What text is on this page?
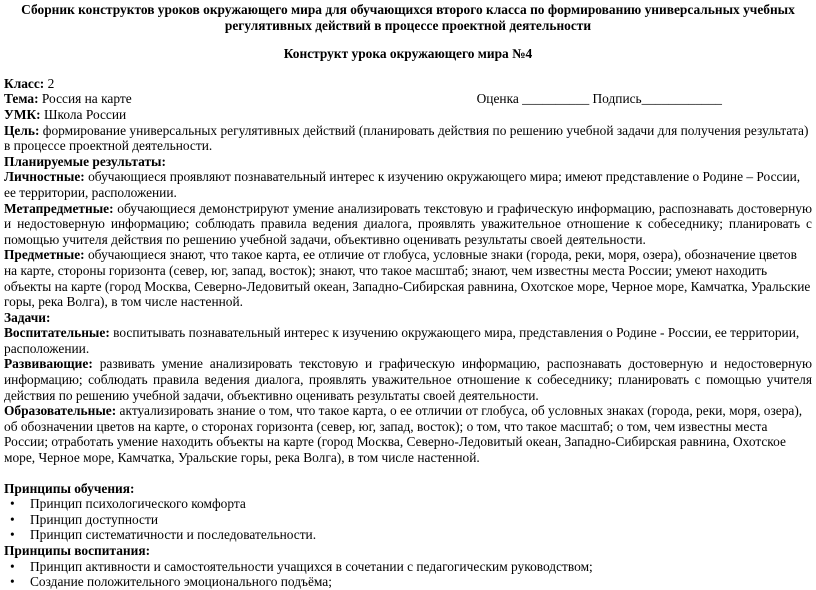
Сборник конструктов уроков окружающего мира для обучающихся второго класса по формированию универсальных учебных регулятивных действий в процессе проектной деятельности

Конструкт урока окружающего мира №4

Класс: 2

Тема: Россия на карте	Оценка __________ Подпись____________

УМК: Школа России

Цель: формирование универсальных регулятивных действий (планировать действия по решению учебной задачи для получения результата) в процессе проектной деятельности.

Планируемые результаты:

Личностные: обучающиеся проявляют познавательный интерес к изучению окружающего мира; имеют представление о Родине – России, ее территории, расположении.

Метапредметные: обучающиеся демонстрируют умение анализировать текстовую и графическую информацию, распознавать достоверную и недостоверную информацию; соблюдать правила ведения диалога, проявлять уважительное отношение к собеседнику; планировать с помощью учителя действия по решению учебной задачи, объективно оценивать результаты своей деятельности.

Предметные: обучающиеся знают, что такое карта, ее отличие от глобуса, условные знаки (города, реки, моря, озера), обозначение цветов на карте, стороны горизонта (север, юг, запад, восток); знают, что такое масштаб; знают, чем известны места России; умеют находить объекты на карте (город Москва, Северно-Ледовитый океан, Западно-Сибирская равнина, Охотское море, Черное море, Камчатка, Уральские горы, река Волга), в том числе настенной.

Задачи:

Воспитательные: воспитывать познавательный интерес к изучению окружающего мира, представления о Родине - России, ее территории, расположении.

Развивающие: развивать умение анализировать текстовую и графическую информацию, распознавать достоверную и недостоверную информацию; соблюдать правила ведения диалога, проявлять уважительное отношение к собеседнику; планировать с помощью учителя действия по решению учебной задачи, объективно оценивать результаты своей деятельности.

Образовательные: актуализировать знание о том, что такое карта, о ее отличии от глобуса, об условных знаках (города, реки, моря, озера), об обозначении цветов на карте, о сторонах горизонта (север, юг, запад, восток); о том, что такое масштаб; о том, чем известны места России; отработать умение находить объекты на карте (город Москва, Северно-Ледовитый океан, Западно-Сибирская равнина, Охотское море, Черное море, Камчатка, Уральские горы, река Волга), в том числе настенной.

Принципы обучения:

• Принцип психологического комфорта
• Принцип доступности
• Принцип систематичности и последовательности.

Принципы воспитания:

• Принцип активности и самостоятельности учащихся в сочетании с педагогическим руководством;
• Создание положительного эмоционального подъёма;
